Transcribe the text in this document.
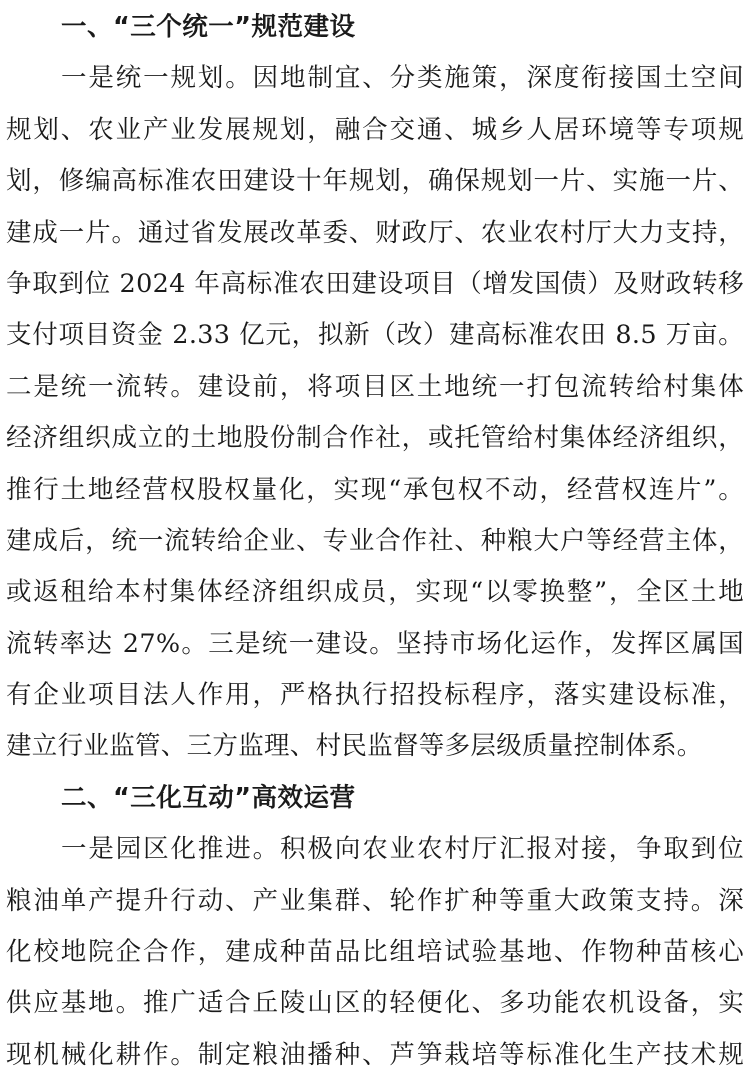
一、“三个统一”规范建设
一是统一规划。因地制宜、分类施策，深度衔接国土空间
规划、农业产业发展规划，融合交通、城乡人居环境等专项规
划，修编高标准农田建设十年规划，确保规划一片、实施一片、
建成一片。通过省发展改革委、财政厅、农业农村厅大力支持，
争取到位 2024 年高标准农田建设项目（增发国债）及财政转移
支付项目资金 2.33 亿元，拟新（改）建高标准农田 8.5 万亩。
二是统一流转。建设前，将项目区土地统一打包流转给村集体
经济组织成立的土地股份制合作社，或托管给村集体经济组织，
推行土地经营权股权量化，实现“承包权不动，经营权连片”。
建成后，统一流转给企业、专业合作社、种粮大户等经营主体，
或返租给本村集体经济组织成员，实现“以零换整”，全区土地
流转率达 27%。三是统一建设。坚持市场化运作，发挥区属国
有企业项目法人作用，严格执行招投标程序，落实建设标准，
建立行业监管、三方监理、村民监督等多层级质量控制体系。
二、“三化互动”高效运营
一是园区化推进。积极向农业农村厅汇报对接，争取到位
粮油单产提升行动、产业集群、轮作扩种等重大政策支持。深
化校地院企合作，建成种苗品比组培试验基地、作物种苗核心
供应基地。推广适合丘陵山区的轻便化、多功能农机设备，实
现机械化耕作。制定粮油播种、芦笋栽培等标准化生产技术规
